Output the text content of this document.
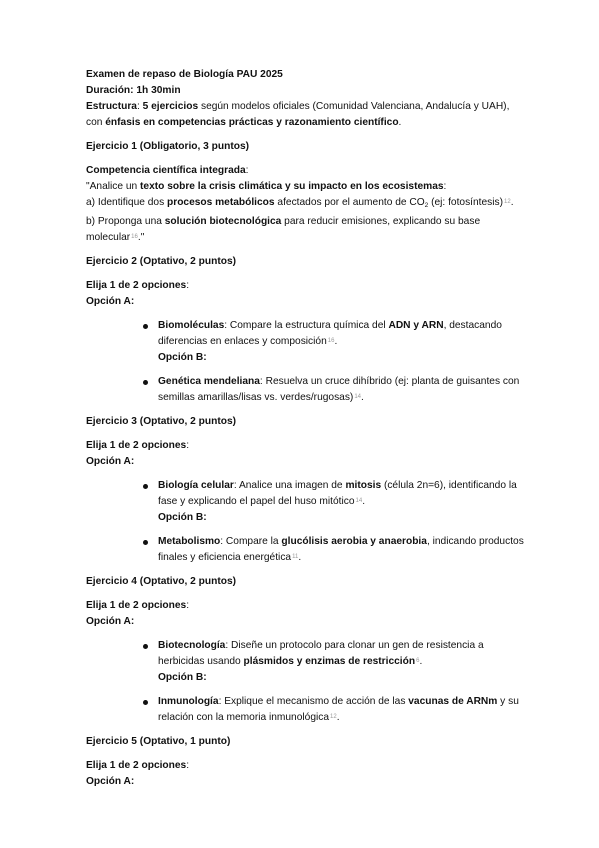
Examen de repaso de Biología PAU 2025

Duración: 1h 30min

Estructura: 5 ejercicios según modelos oficiales (Comunidad Valenciana, Andalucía y UAH), con énfasis en competencias prácticas y razonamiento científico.

Ejercicio 1 (Obligatorio, 3 puntos)

Competencia científica integrada:

"Analice un texto sobre la crisis climática y su impacto en los ecosistemas:

a) Identifique dos procesos metabólicos afectados por el aumento de $CO_2$ (ej: fotosíntesis)$^{12}$.

b) Proponga una solución biotecnológica para reducir emisiones, explicando su base molecular$^{16}$."

Ejercicio 2 (Optativo, 2 puntos)

Elija 1 de 2 opciones:

Opción A:

Biomoléculas: Compare la estructura química del ADN y ARN, destacando diferencias en enlaces y composición$^{16}$.

Opción B:

Genética mendeliana: Resuelva un cruce dihíbrido (ej: planta de guisantes con semillas amarillas/lisas vs. verdes/rugosas)$^{14}$.

Ejercicio 3 (Optativo, 2 puntos)

Elija 1 de 2 opciones:

Opción A:

Biología celular: Analice una imagen de mitosis (célula 2n=6), identificando la fase y explicando el papel del huso mitótico$^{14}$.

Opción B:

Metabolismo: Compare la glucólisis aerobia y anaerobia, indicando productos finales y eficiencia energética$^{11}$.

Ejercicio 4 (Optativo, 2 puntos)

Elija 1 de 2 opciones:

Opción A:

Biotecnología: Diseñe un protocolo para clonar un gen de resistencia a herbicidas usando plásmidos y enzimas de restricción$^6$.

Opción B:

Inmunología: Explique el mecanismo de acción de las vacunas de ARNm y su relación con la memoria inmunológica$^{12}$.

Ejercicio 5 (Optativo, 1 punto)

Elija 1 de 2 opciones:

Opción A:
